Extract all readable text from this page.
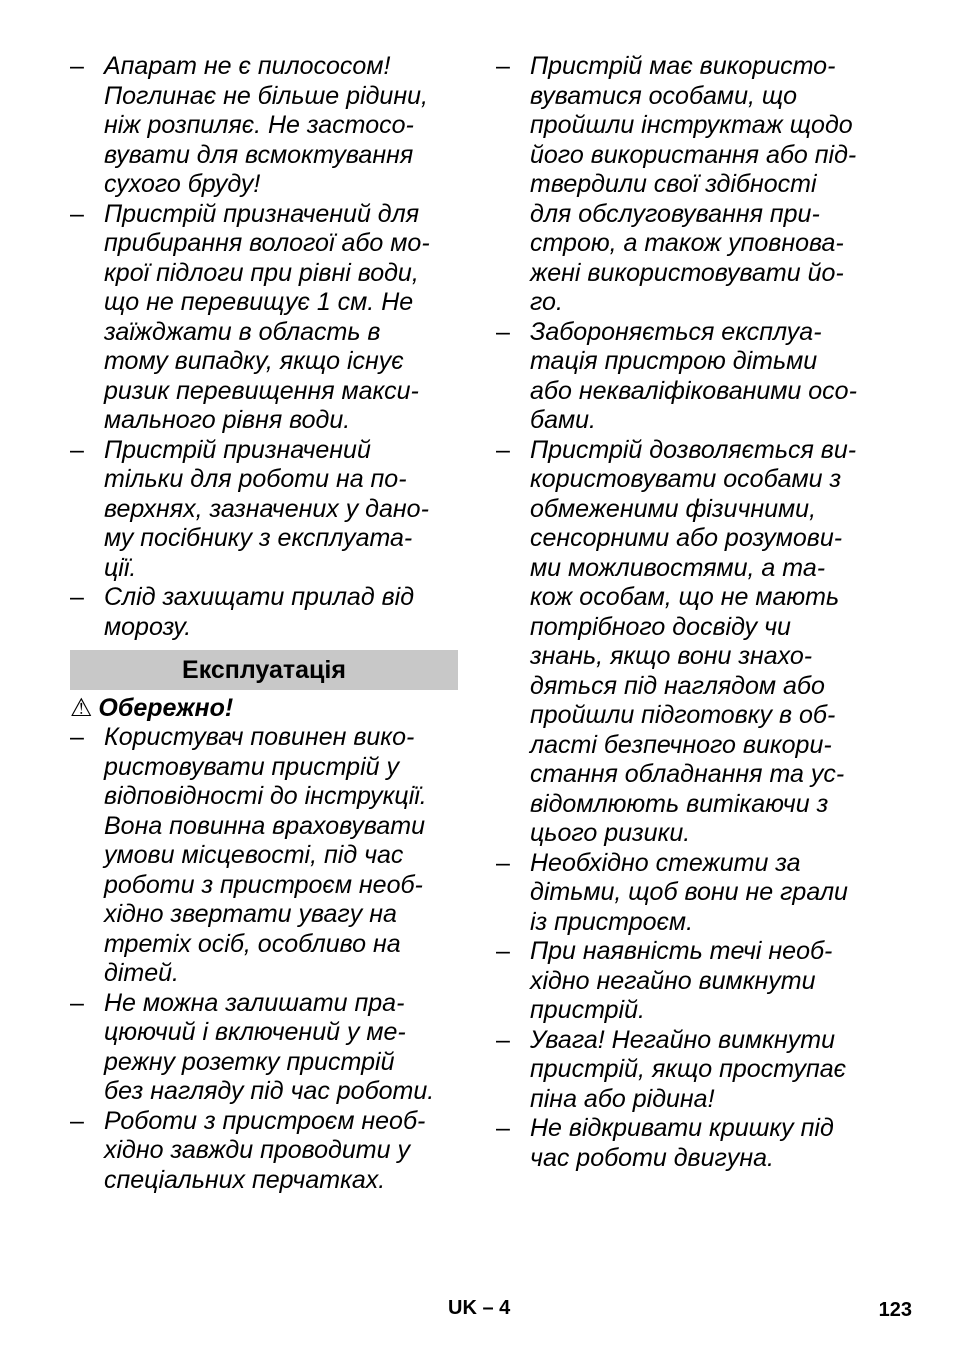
– Апарат не є пилососом!
Поглинає не більше рідини,
ніж розпиляє. Не застосо-
вувати для всмоктування
сухого бруду!
– Пристрій призначений для
прибирання вологої або мо-
крої підлоги при рівні води,
що не перевищує 1 см. Не
заїжджати в область в
тому випадку, якщо існує
ризик перевищення макси-
мального рівня води.
– Пристрій призначений
тільки для роботи на по-
верхнях, зазначених у дано-
му посібнику з експлуата-
ції.
– Слід захищати прилад від
морозу.
Експлуатація
⚠ Обережно!
– Користувач повинен вико-
ристовувати пристрій у
відповідності до інструкції.
Вона повинна враховувати
умови місцевості, під час
роботи з пристроєм необ-
хідно звертати увагу на
третіх осіб, особливо на
дітей.
– Не можна залишати пра-
цюючий і включений у ме-
режну розетку пристрій
без нагляду під час роботи.
– Роботи з пристроєм необ-
хідно завжди проводити у
спеціальних перчатках.
– Пристрій має використо-
вуватися особами, що
пройшли інструктаж щодо
його використання або під-
твердили свої здібності
для обслуговування при-
строю, а також уповнова-
жені використовувати йо-
го.
– Забороняється експлуа-
тація пристрою дітьми
або некваліфікованими осо-
бами.
– Пристрій дозволяється ви-
користовувати особами з
обмеженими фізичними,
сенсорними або розумови-
ми можливостями, а та-
кож особам, що не мають
потрібного досвіду чи
знань, якщо вони знахо-
дяться під наглядом або
пройшли підготовку в об-
ласті безпечного викори-
стання обладнання та ус-
відомлюють витікаючи з
цього ризики.
– Необхідно стежити за
дітьми, щоб вони не грали
із пристроєм.
– При наявність течі необ-
хідно негайно вимкнути
пристрій.
– Увага! Негайно вимкнути
пристрій, якщо проступає
піна або рідина!
– Не відкривати кришку під
час роботи двигуна.
UK – 4	123
